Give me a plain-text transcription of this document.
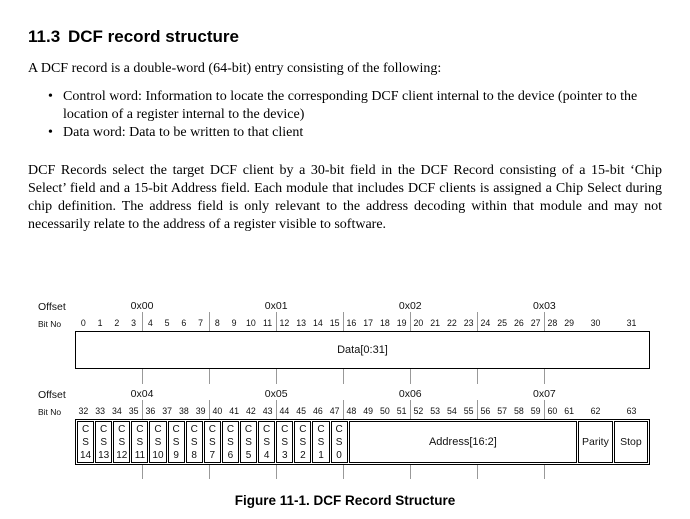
11.3 DCF record structure

A DCF record is a double-word (64-bit) entry consisting of the following:

• Control word: Information to locate the corresponding DCF client internal to the device (pointer to the location of a register internal to the device)
• Data word: Data to be written to that client

DCF Records select the target DCF client by a 30-bit field in the DCF Record consisting of a 15-bit ‘Chip Select’ field and a 15-bit Address field. Each module that includes DCF clients is assigned a Chip Select during chip definition. The address field is only relevant to the address decoding within that module and may not necessarily relate to the address of a register visible to software.

Offset	0x00	0x01	0x02	0x03
Bit No	0	1	2	3	4	5	6	7	8	9	10 11 12 13 14 15 16 17 18 19 20 21 22 23 24 25 26 27 28 29	30	31
Data[0:31]
Offset	0x04	0x05	0x06	0x07
Bit No	32 33 34 35 36 37 38 39 40 41 42 43 44 45 46 47 48 49 50 51 52 53 54 55 56 57 58 59 60 61	62	63
C
S
14
C
S
13
C
S
12
C
S
11
C
S
10
C
S
9
C
S
8
C
S
7
C
S
6
C
S
5
C
S
4
C
S
3
C
S
2
C
S
1
C
S
0
Address[16:2]	Parity Stop
Figure 11-1. DCF Record Structure
